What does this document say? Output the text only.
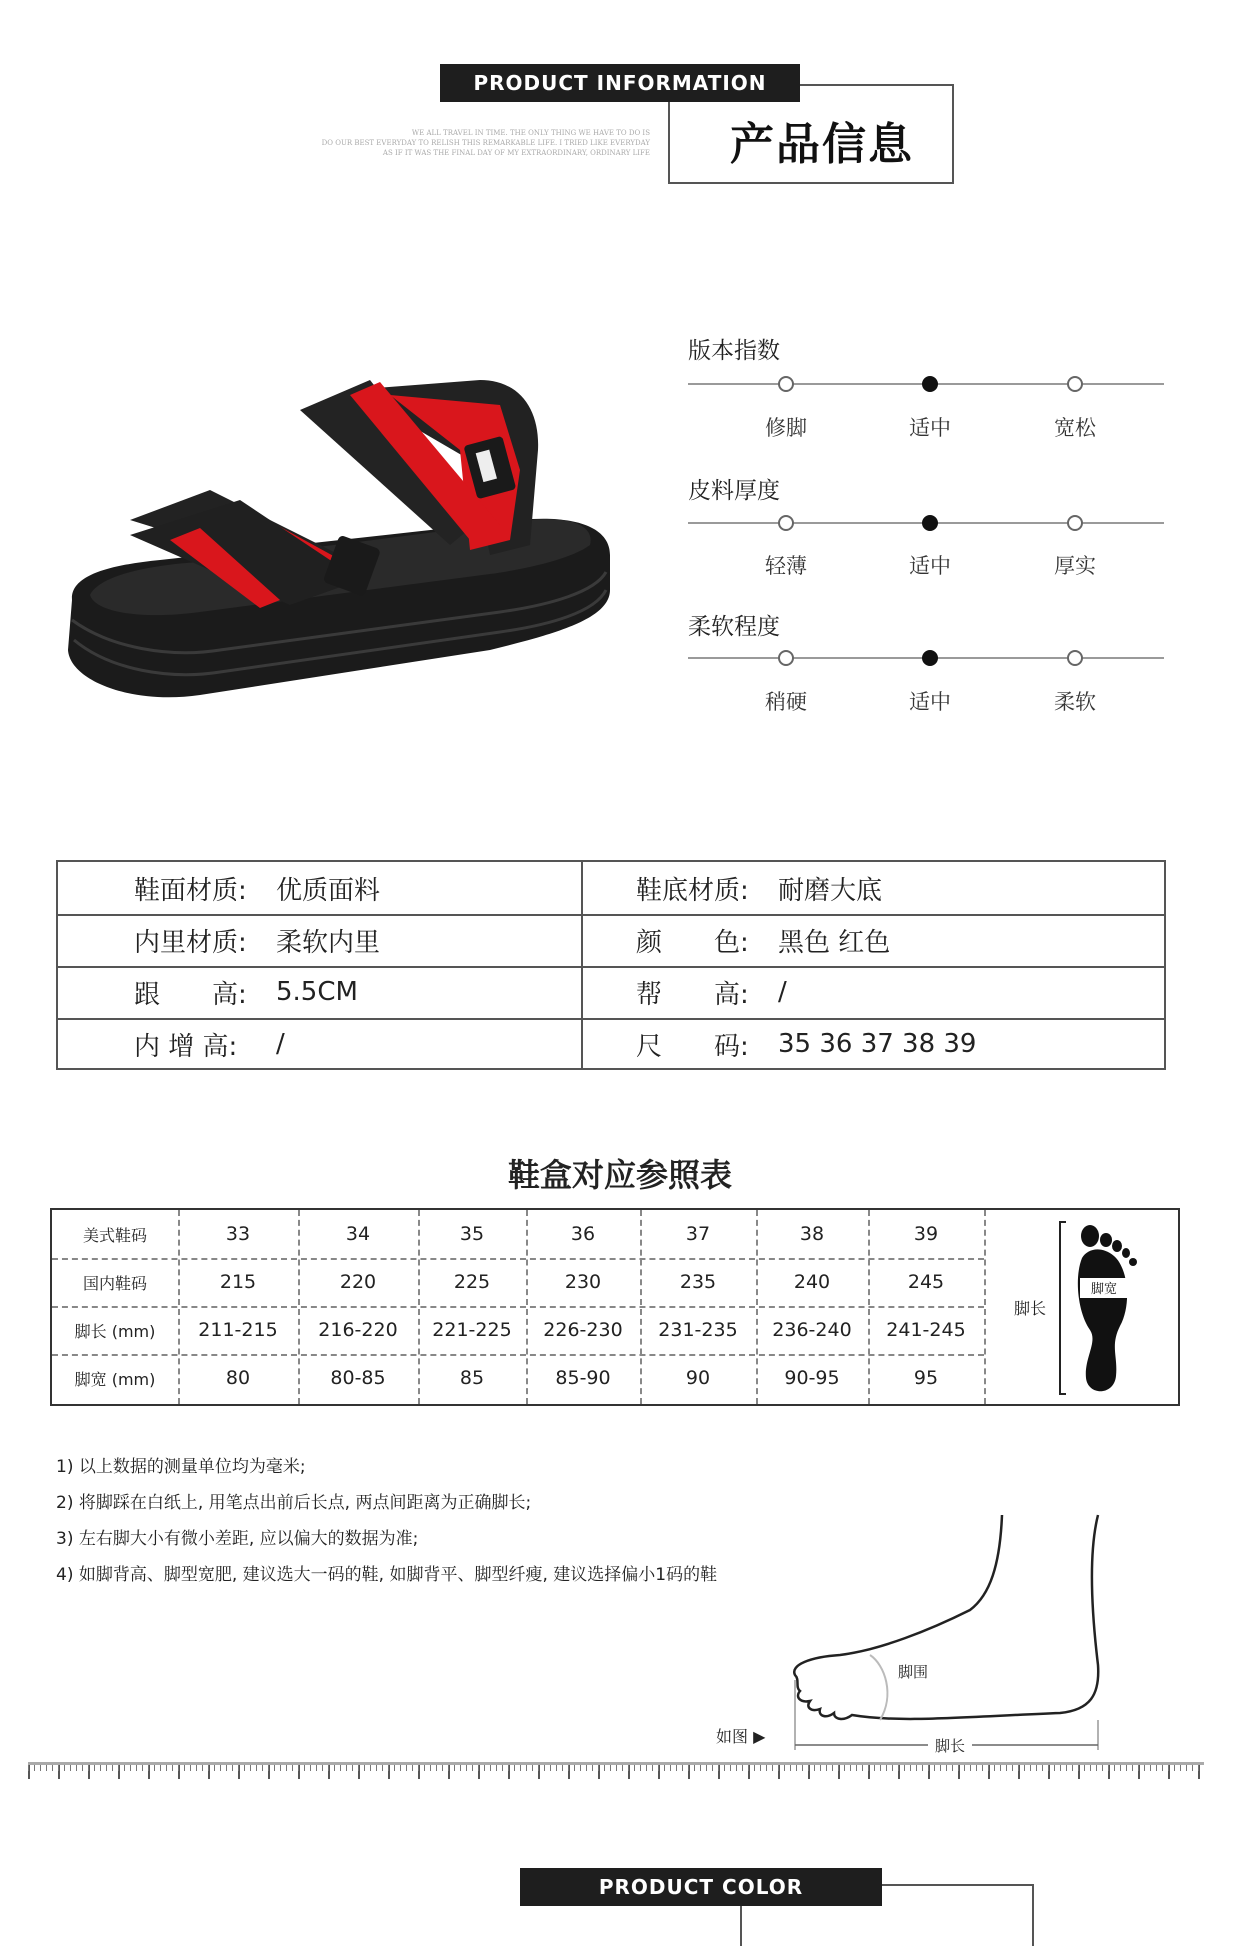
PRODUCT INFORMATION
产品信息
WE ALL TRAVEL IN TIME. THE ONLY THING WE HAVE TO DO IS
DO OUR BEST EVERYDAY TO RELISH THIS REMARKABLE LIFE. I TRIED LIKE EVERYDAY
AS IF IT WAS THE FINAL DAY OF MY EXTRAORDINARY, ORDINARY LIFE
版本指数
修脚	适中	宽松
皮料厚度
轻薄	适中	厚实
柔软程度
稍硬	适中	柔软
鞋面材质: 优质面料	鞋底材质: 耐磨大底
内里材质: 柔软内里	颜　　色: 黑色 红色
跟　　高: 5.5CM	帮　　高: /
内 增 高: /	尺　　码: 35 36 37 38 39
鞋盒对应参照表
美式鞋码	33	34	35	36	37	38	39
国内鞋码	215	220	225	230	235	240	245
脚长 (mm)	211-215	216-220	221-225	226-230	231-235	236-240	241-245
脚宽 (mm)	80	80-85	85	85-90	90	90-95	95
脚长
脚宽
1) 以上数据的测量单位均为毫米;
2) 将脚踩在白纸上, 用笔点出前后长点, 两点间距离为正确脚长;
3) 左右脚大小有微小差距, 应以偏大的数据为准;
4) 如脚背高、脚型宽肥, 建议选大一码的鞋, 如脚背平、脚型纤瘦, 建议选择偏小1码的鞋
脚围
脚长
如图 ▶
PRODUCT COLOR
